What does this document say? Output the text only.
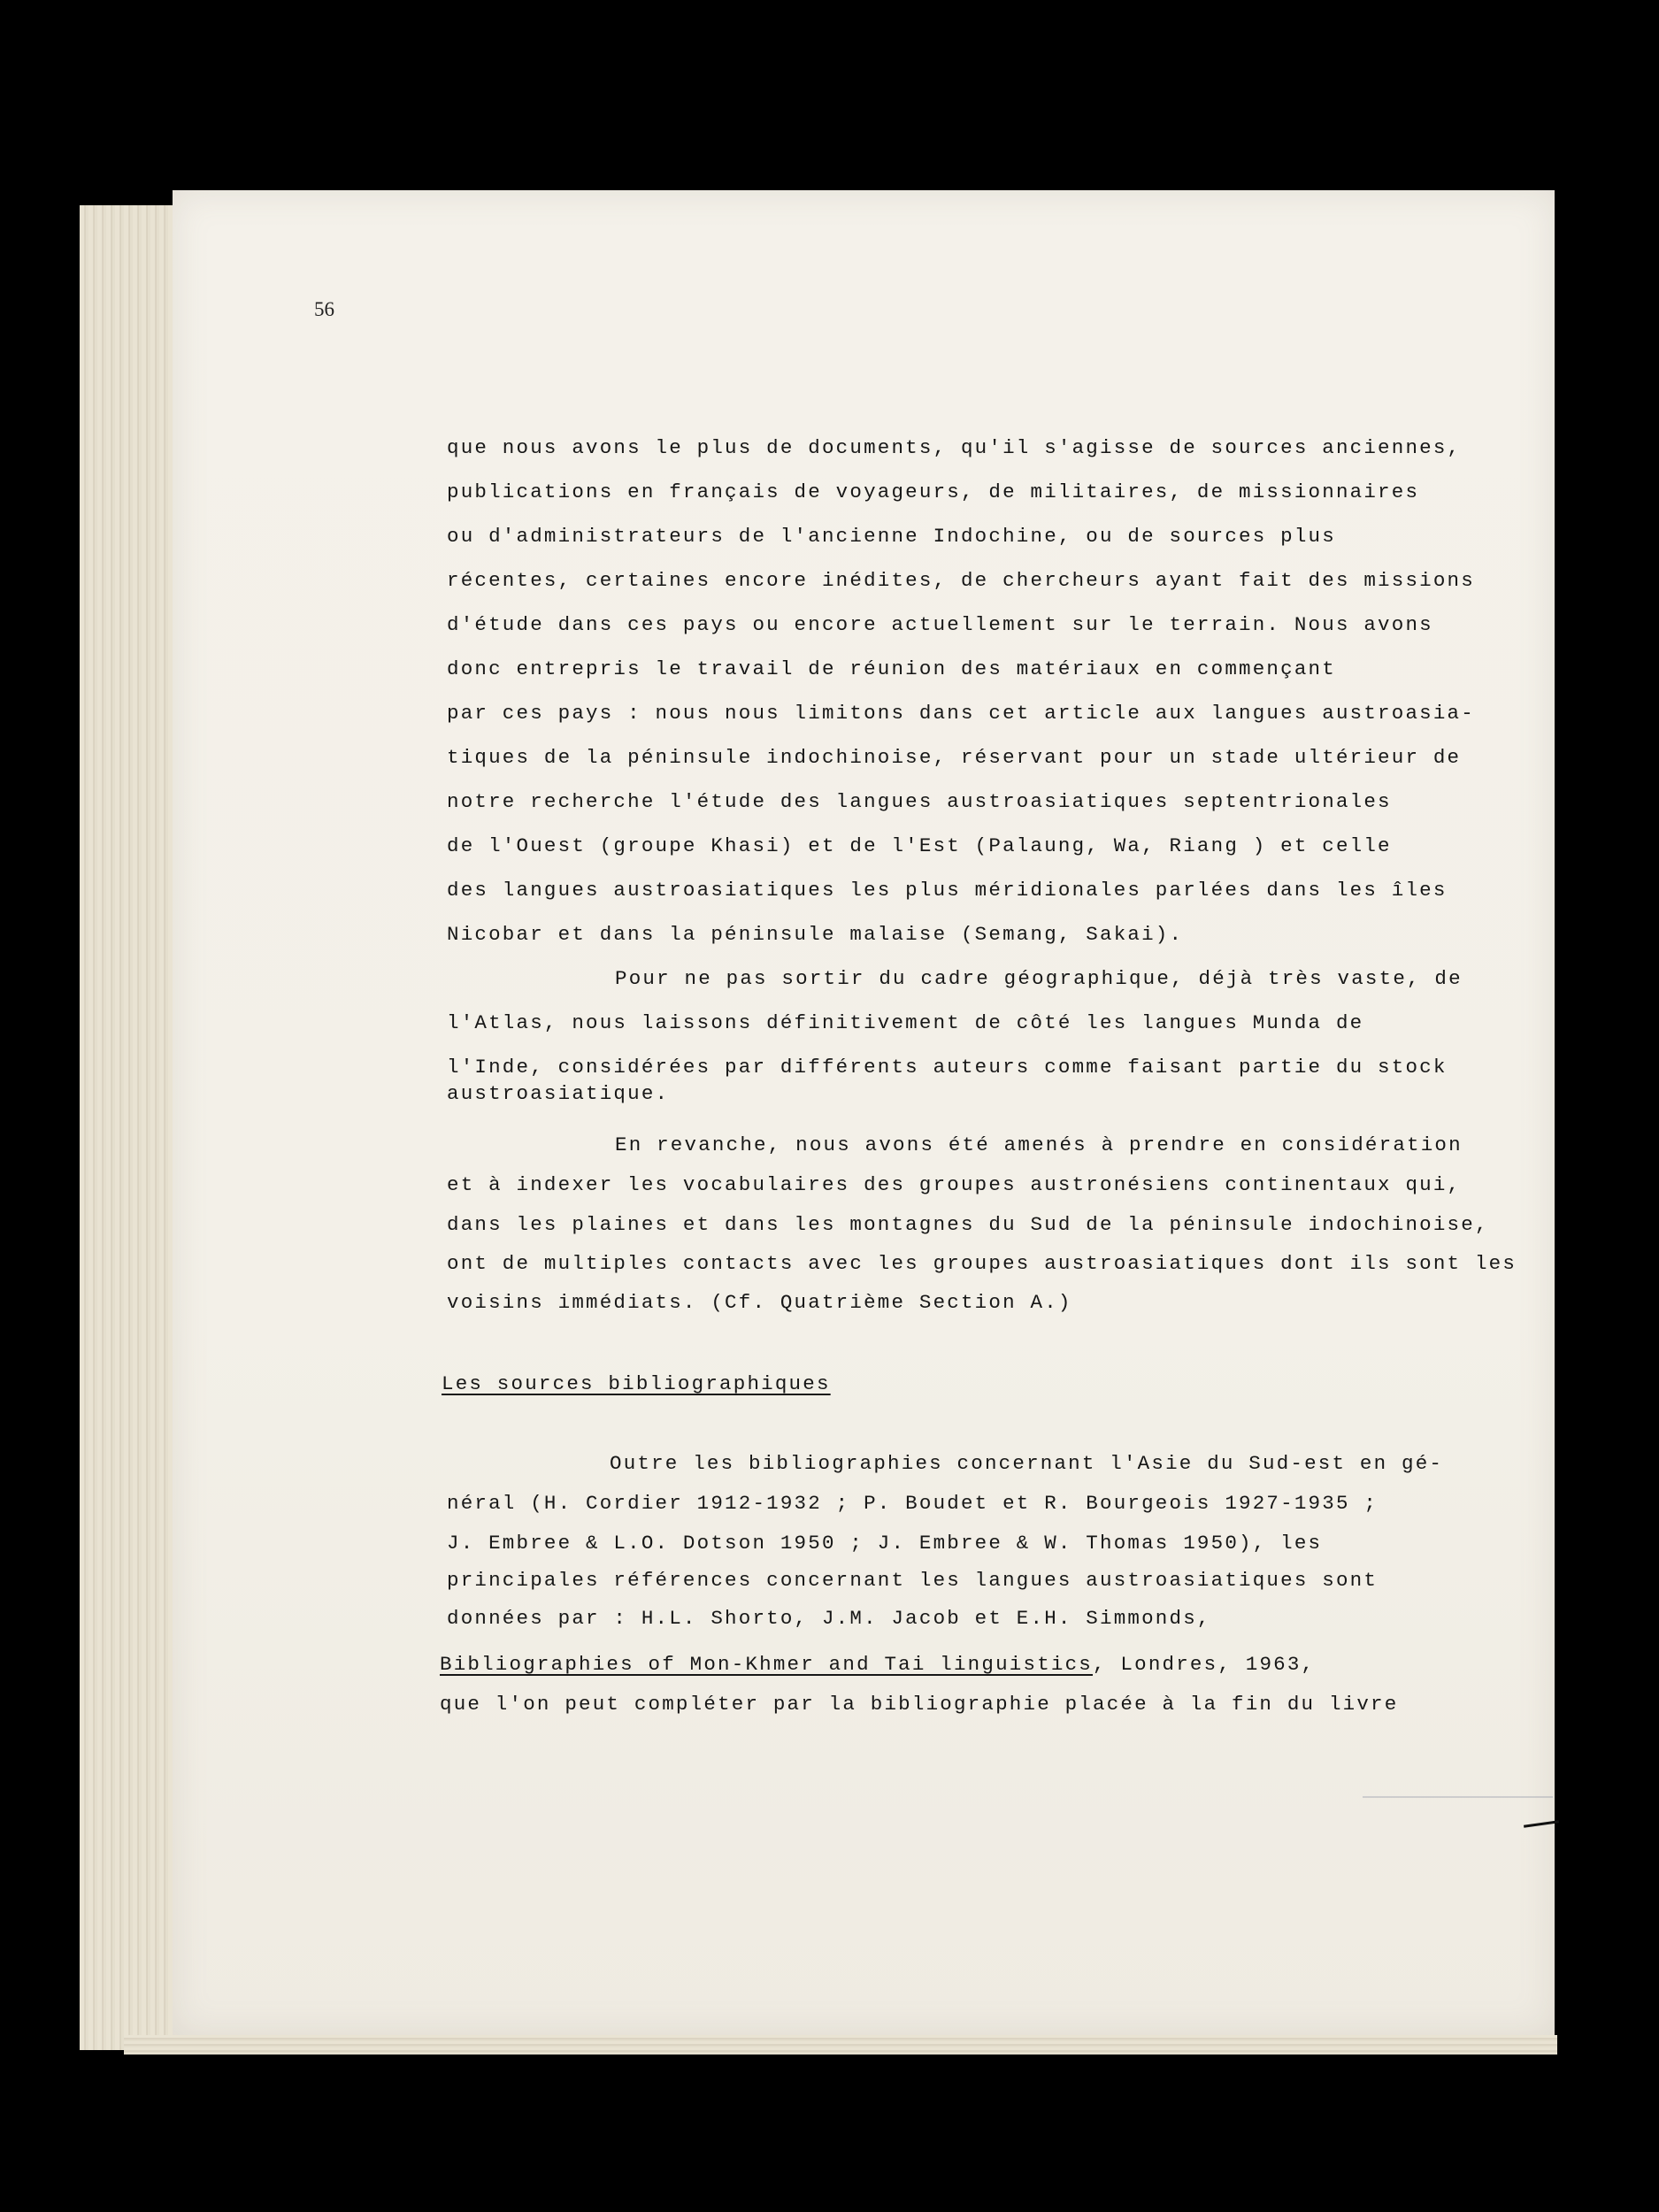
56
que nous avons le plus de documents, qu'il s'agisse de sources anciennes,
publications en français de voyageurs, de militaires, de missionnaires
ou d'administrateurs de l'ancienne Indochine, ou de sources plus
récentes, certaines encore inédites, de chercheurs ayant fait des missions
d'étude dans ces pays ou encore actuellement sur le terrain. Nous avons
donc entrepris le travail de réunion des matériaux en commençant
par ces pays : nous nous limitons dans cet article aux langues austroasia-
tiques de la péninsule indochinoise, réservant pour un stade ultérieur de
notre recherche l'étude des langues austroasiatiques septentrionales
de l'Ouest (groupe Khasi) et de l'Est (Palaung, Wa, Riang ) et celle
des langues austroasiatiques les plus méridionales parlées dans les îles
Nicobar et dans la péninsule malaise (Semang, Sakai).
Pour ne pas sortir du cadre géographique, déjà très vaste, de
l'Atlas, nous laissons définitivement de côté les langues Munda de
l'Inde, considérées par différents auteurs comme faisant partie du stock
austroasiatique.
En revanche, nous avons été amenés à prendre en considération
et à indexer les vocabulaires des groupes austronésiens continentaux qui,
dans les plaines et dans les montagnes du Sud de la péninsule indochinoise,
ont de multiples contacts avec les groupes austroasiatiques dont ils sont les
voisins immédiats. (Cf. Quatrième Section A.)
Les sources bibliographiques
Outre les bibliographies concernant l'Asie du Sud-est en gé-
néral (H. Cordier 1912-1932 ; P. Boudet et R. Bourgeois 1927-1935 ;
J. Embree & L.O. Dotson 1950 ; J. Embree & W. Thomas 1950), les
principales références concernant les langues austroasiatiques sont
données par : H.L. Shorto, J.M. Jacob et E.H. Simmonds,
Bibliographies of Mon-Khmer and Tai linguistics, Londres, 1963,
que l'on peut compléter par la bibliographie placée à la fin du livre
